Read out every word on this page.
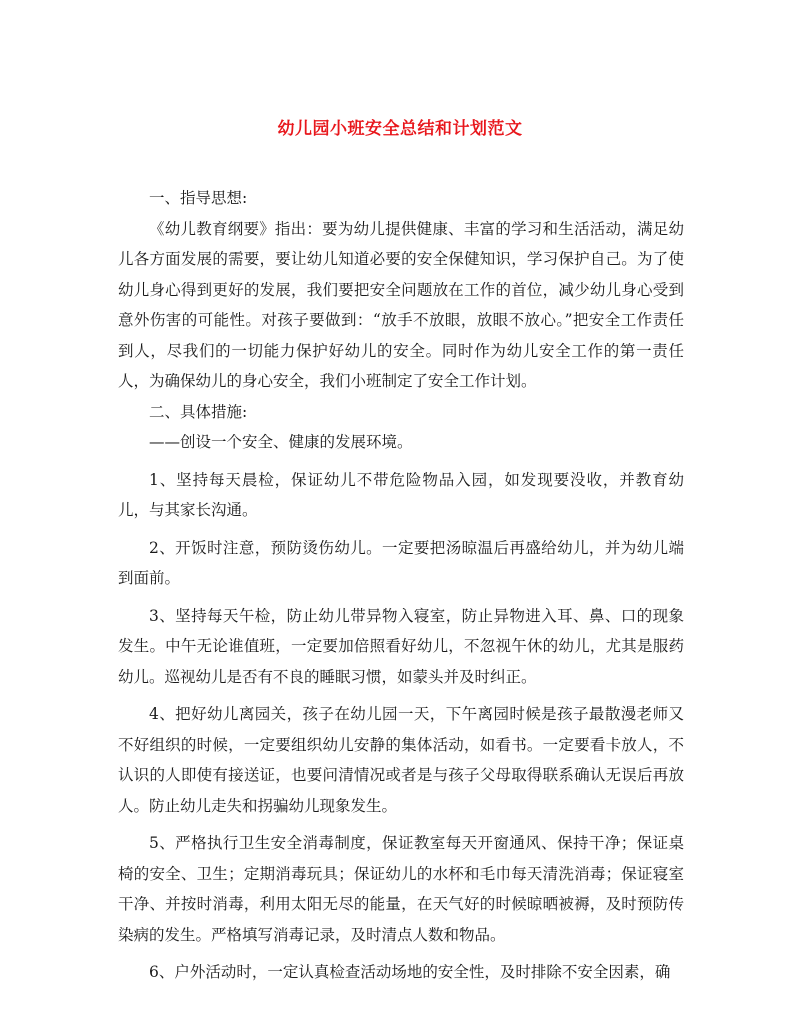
幼儿园小班安全总结和计划范文

一、指导思想:

《幼儿教育纲要》指出：要为幼儿提供健康、丰富的学习和生活活动，满足幼儿各方面发展的需要，要让幼儿知道必要的安全保健知识，学习保护自己。为了使幼儿身心得到更好的发展，我们要把安全问题放在工作的首位，减少幼儿身心受到意外伤害的可能性。对孩子要做到：“放手不放眼，放眼不放心。”把安全工作责任到人，尽我们的一切能力保护好幼儿的安全。同时作为幼儿安全工作的第一责任人，为确保幼儿的身心安全，我们小班制定了安全工作计划。

二、具体措施:

——创设一个安全、健康的发展环境。

1、坚持每天晨检，保证幼儿不带危险物品入园，如发现要没收，并教育幼儿，与其家长沟通。

2、开饭时注意，预防烫伤幼儿。一定要把汤晾温后再盛给幼儿，并为幼儿端到面前。

3、坚持每天午检，防止幼儿带异物入寝室，防止异物进入耳、鼻、口的现象发生。中午无论谁值班，一定要加倍照看好幼儿，不忽视午休的幼儿，尤其是服药幼儿。巡视幼儿是否有不良的睡眠习惯，如蒙头并及时纠正。

4、把好幼儿离园关，孩子在幼儿园一天，下午离园时候是孩子最散漫老师又不好组织的时候，一定要组织幼儿安静的集体活动，如看书。一定要看卡放人，不认识的人即使有接送证，也要问清情况或者是与孩子父母取得联系确认无误后再放人。防止幼儿走失和拐骗幼儿现象发生。

5、严格执行卫生安全消毒制度，保证教室每天开窗通风、保持干净；保证桌椅的安全、卫生；定期消毒玩具；保证幼儿的水杯和毛巾每天清洗消毒；保证寝室干净、并按时消毒，利用太阳无尽的能量，在天气好的时候晾晒被褥，及时预防传染病的发生。严格填写消毒记录，及时清点人数和物品。

6、户外活动时，一定认真检查活动场地的安全性，及时排除不安全因素，确
